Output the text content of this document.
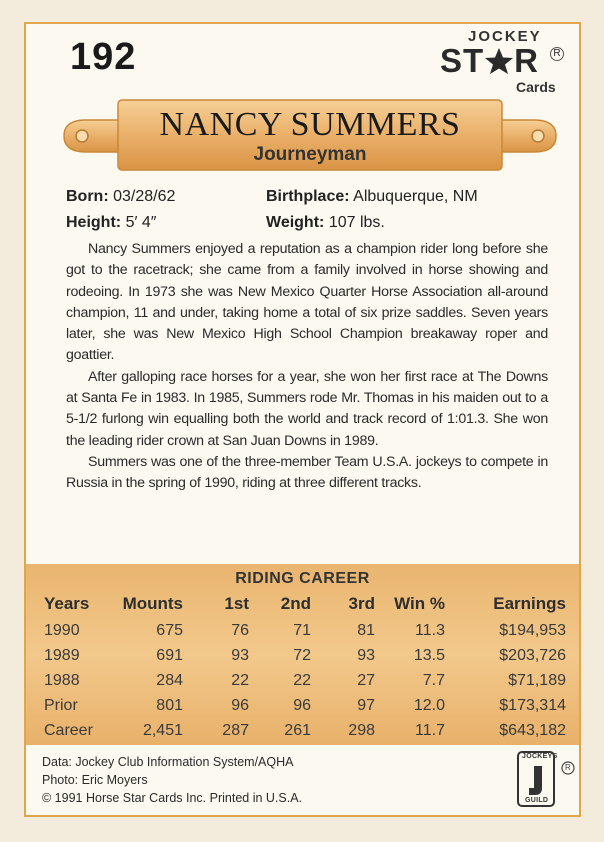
192	JOCKEY
ST R	R
Cards
NANCY SUMMERS
Journeyman
Born: 03/28/62	Birthplace: Albuquerque, NM
Height: 5′ 4″	Weight: 107 lbs.

Nancy Summers enjoyed a reputation as a champion rider long before she got to the racetrack; she came from a family involved in horse showing and rodeoing. In 1973 she was New Mexico Quarter Horse Association all-around champion, 11 and under, taking home a total of six prize saddles. Seven years later, she was New Mexico High School Champion breakaway roper and goattier.

After galloping race horses for a year, she won her first race at The Downs at Santa Fe in 1983. In 1985, Summers rode Mr. Thomas in his maiden out to a 5-1/2 furlong win equalling both the world and track record of 1:01.3. She won the leading rider crown at San Juan Downs in 1989.

Summers was one of the three-member Team U.S.A. jockeys to compete in Russia in the spring of 1990, riding at three different tracks.

RIDING CAREER
Years	Mounts	1st	2nd	3rd	Win %	Earnings
1990	675	76	71	81	11.3	$194,953
1989	691	93	72	93	13.5	$203,726
1988	284	22	22	27	7.7	$71,189
Prior	801	96	96	97	12.0	$173,314
Career	2,451	287	261	298	11.7	$643,182
Data: Jockey Club Information System/AQHA
Photo: Eric Moyers
© 1991 Horse Star Cards Inc. Printed in U.S.A.
JOCKEYS
GUILD
R
